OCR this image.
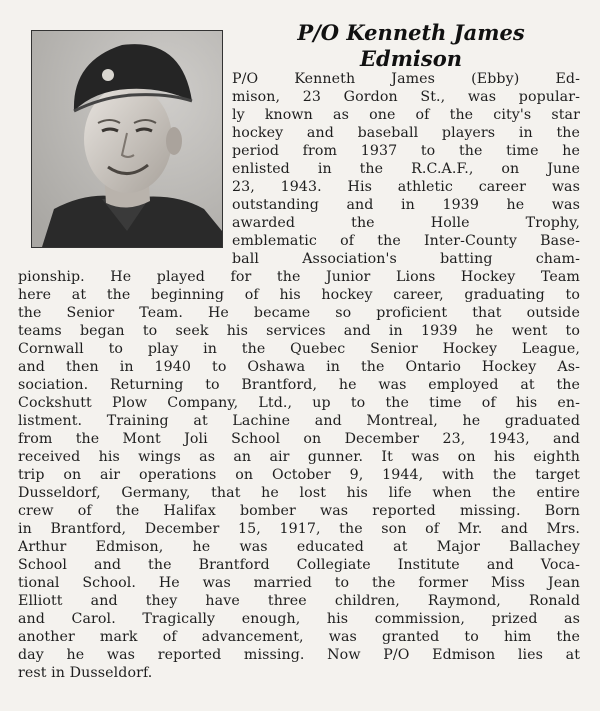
P/O Kenneth James
Edmison

P/O Kenneth James (Ebby) Ed-

mison, 23 Gordon St., was popular-

ly known as one of the city's star

hockey and baseball players in the

period from 1937 to the time he

enlisted in the R.C.A.F., on June

23, 1943. His athletic career was

outstanding and in 1939 he was

awarded the Holle Trophy,

emblematic of the Inter-County Base-

ball Association's batting cham-

pionship. He played for the Junior Lions Hockey Team

here at the beginning of his hockey career, graduating to

the Senior Team. He became so proficient that outside

teams began to seek his services and in 1939 he went to

Cornwall to play in the Quebec Senior Hockey League,

and then in 1940 to Oshawa in the Ontario Hockey As-

sociation. Returning to Brantford, he was employed at the

Cockshutt Plow Company, Ltd., up to the time of his en-

listment. Training at Lachine and Montreal, he graduated

from the Mont Joli School on December 23, 1943, and

received his wings as an air gunner. It was on his eighth

trip on air operations on October 9, 1944, with the target

Dusseldorf, Germany, that he lost his life when the entire

crew of the Halifax bomber was reported missing. Born

in Brantford, December 15, 1917, the son of Mr. and Mrs.

Arthur Edmison, he was educated at Major Ballachey

School and the Brantford Collegiate Institute and Voca-

tional School. He was married to the former Miss Jean

Elliott and they have three children, Raymond, Ronald

and Carol. Tragically enough, his commission, prized as

another mark of advancement, was granted to him the

day he was reported missing. Now P/O Edmison lies at

rest in Dusseldorf.
